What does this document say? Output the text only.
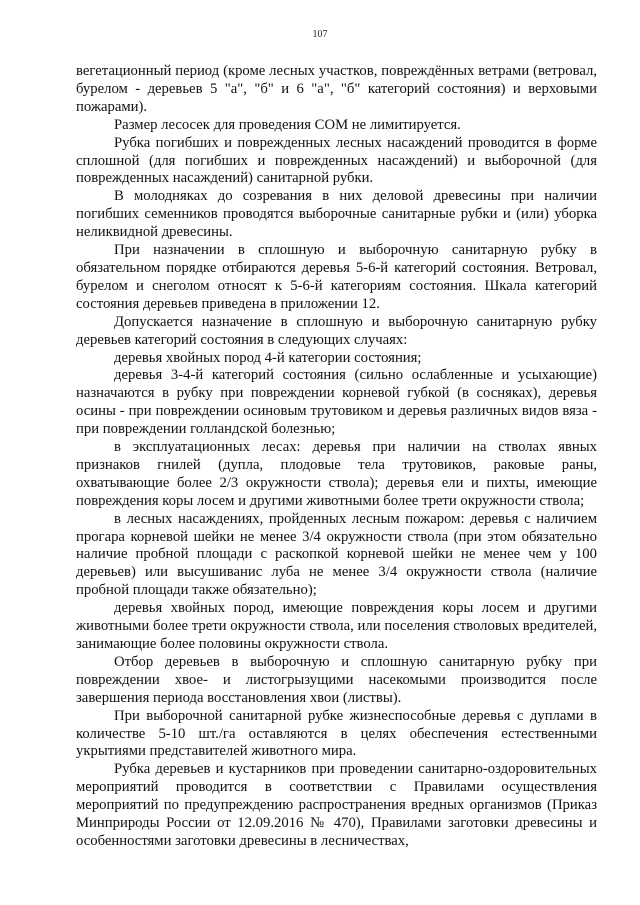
107

вегетационный период (кроме лесных участков, повреждённых ветрами (ветровал, бурелом - деревьев 5 "а", "б" и 6 "а", "б" категорий состояния) и верховыми пожарами).

Размер лесосек для проведения СОМ не лимитируется.

Рубка погибших и поврежденных лесных насаждений проводится в форме сплошной (для погибших и поврежденных насаждений) и выборочной (для поврежденных насаждений) санитарной рубки.

В молодняках до созревания в них деловой древесины при наличии погибших семенников проводятся выборочные санитарные рубки и (или) уборка неликвидной древесины.

При назначении в сплошную и выборочную санитарную рубку в обязательном порядке отбираются деревья 5-6-й категорий состояния. Ветровал, бурелом и снеголом относят к 5-6-й категориям состояния. Шкала категорий состояния деревьев приведена в приложении 12.

Допускается назначение в сплошную и выборочную санитарную рубку деревьев категорий состояния в следующих случаях:

деревья хвойных пород 4-й категории состояния;

деревья 3-4-й категорий состояния (сильно ослабленные и усыхающие) назначаются в рубку при повреждении корневой губкой (в сосняках), деревья осины - при повреждении осиновым трутовиком и деревья различных видов вяза - при повреждении голландской болезнью;

в эксплуатационных лесах: деревья при наличии на стволах явных признаков гнилей (дупла, плодовые тела трутовиков, раковые раны, охватывающие более 2/3 окружности ствола); деревья ели и пихты, имеющие повреждения коры лосем и другими животными более трети окружности ствола;

в лесных насаждениях, пройденных лесным пожаром: деревья с наличием прогара корневой шейки не менее 3/4 окружности ствола (при этом обязательно наличие пробной площади с раскопкой корневой шейки не менее чем у 100 деревьев) или высушиванис луба не менее 3/4 окружности ствола (наличие пробной площади также обязательно);

деревья хвойных пород, имеющие повреждения коры лосем и другими животными более трети окружности ствола, или поселения стволовых вредителей, занимающие более половины окружности ствола.

Отбор деревьев в выборочную и сплошную санитарную рубку при повреждении хвое- и листогрызущими насекомыми производится после завершения периода восстановления хвои (листвы).

При выборочной санитарной рубке жизнеспособные деревья с дуплами в количестве 5-10 шт./га оставляются в целях обеспечения естественными укрытиями представителей животного мира.

Рубка деревьев и кустарников при проведении санитарно-оздоровительных мероприятий проводится в соответствии с Правилами осуществления мероприятий по предупреждению распространения вредных организмов (Приказ Минприроды России от 12.09.2016 № 470), Правилами заготовки древесины и особенностями заготовки древесины в лесничествах,
